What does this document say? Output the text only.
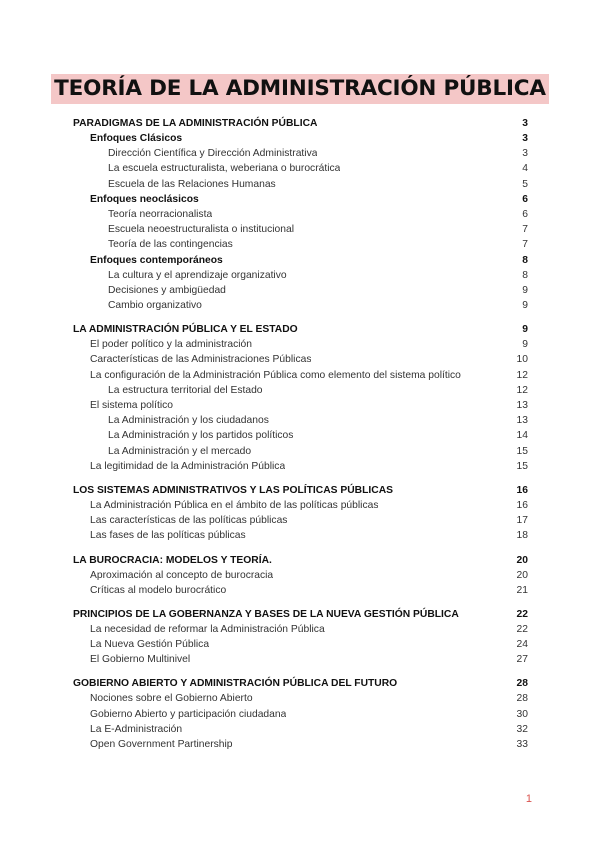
TEORÍA DE LA ADMINISTRACIÓN PÚBLICA
PARADIGMAS DE LA ADMINISTRACIÓN PÚBLICA	3
Enfoques Clásicos	3
Dirección Científica y Dirección Administrativa	3
La escuela estructuralista, weberiana o burocrática	4
Escuela de las Relaciones Humanas	5
Enfoques neoclásicos	6
Teoría neorracionalista	6
Escuela neoestructuralista o institucional	7
Teoría de las contingencias	7
Enfoques contemporáneos	8
La cultura y el aprendizaje organizativo	8
Decisiones y ambigüedad	9
Cambio organizativo	9
LA ADMINISTRACIÓN PÚBLICA Y EL ESTADO	9
El poder político y la administración	9
Características de las Administraciones Públicas	10
La configuración de la Administración Pública como elemento del sistema político	12
La estructura territorial del Estado	12
El sistema político	13
La Administración y los ciudadanos	13
La Administración y los partidos políticos	14
La Administración y el mercado	15
La legitimidad de la Administración Pública	15
LOS SISTEMAS ADMINISTRATIVOS Y LAS POLÍTICAS PÚBLICAS	16
La Administración Pública en el ámbito de las políticas públicas	16
Las características de las políticas públicas	17
Las fases de las políticas públicas	18
LA BUROCRACIA: MODELOS Y TEORÍA.	20
Aproximación al concepto de burocracia	20
Críticas al modelo burocrático	21
PRINCIPIOS DE LA GOBERNANZA Y BASES DE LA NUEVA GESTIÓN PÚBLICA	22
La necesidad de reformar la Administración Pública	22
La Nueva Gestión Pública	24
El Gobierno Multinivel	27
GOBIERNO ABIERTO Y ADMINISTRACIÓN PÚBLICA DEL FUTURO	28
Nociones sobre el Gobierno Abierto	28
Gobierno Abierto y participación ciudadana	30
La E-Administración	32
Open Government Partinership	33
1
